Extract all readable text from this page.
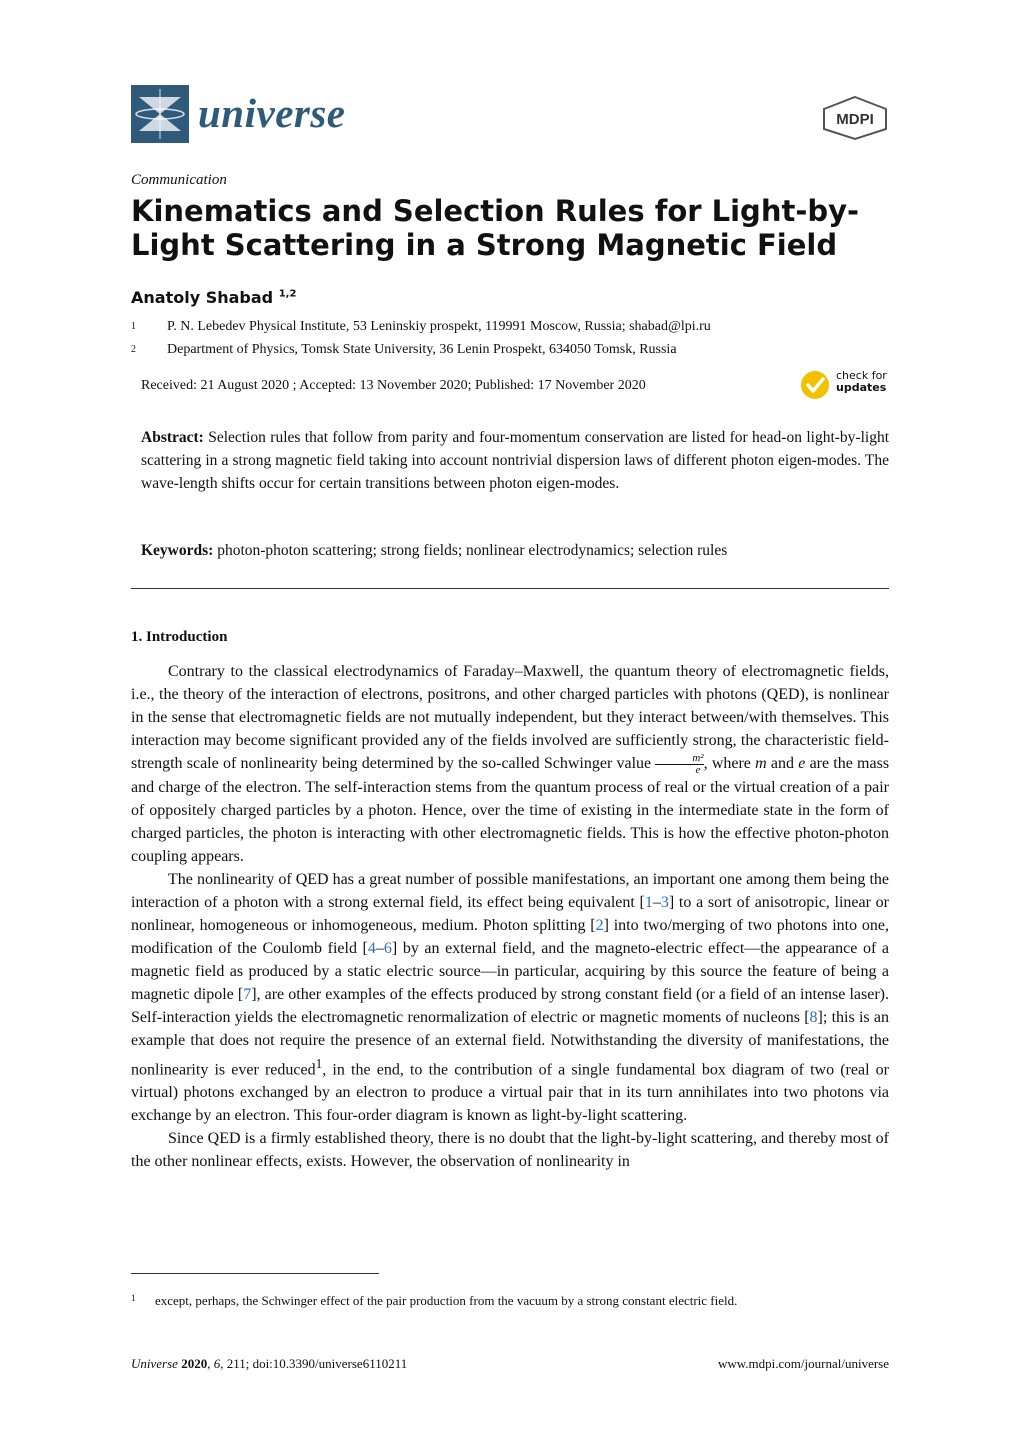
universe	MDPI
Communication
Kinematics and Selection Rules for Light-by-Light Scattering in a Strong Magnetic Field
Anatoly Shabad $^{1,2}$
1 P. N. Lebedev Physical Institute, 53 Leninskiy prospekt, 119991 Moscow, Russia; shabad@lpi.ru
2 Department of Physics, Tomsk State University, 36 Lenin Prospekt, 634050 Tomsk, Russia
Received: 21 August 2020 ; Accepted: 13 November 2020; Published: 17 November 2020
check for
updates
Abstract: Selection rules that follow from parity and four-momentum conservation are listed for head-on light-by-light scattering in a strong magnetic field taking into account nontrivial dispersion laws of different photon eigen-modes. The wave-length shifts occur for certain transitions between photon eigen-modes.
Keywords: photon-photon scattering; strong fields; nonlinear electrodynamics; selection rules
1. Introduction

Contrary to the classical electrodynamics of Faraday–Maxwell, the quantum theory of electromagnetic fields, i.e., the theory of the interaction of electrons, positrons, and other charged particles with photons (QED), is nonlinear in the sense that electromagnetic fields are not mutually independent, but they interact between/with themselves. This interaction may become significant provided any of the fields involved are sufficiently strong, the characteristic field-strength scale of nonlinearity being determined by the so-called Schwinger value $\frac{\text{m²}}{e}$ , where m and e are the mass and charge of the electron. The self-interaction stems from the quantum process of real or the virtual creation of a pair of oppositely charged particles by a photon. Hence, over the time of existing in the intermediate state in the form of charged particles, the photon is interacting with other electromagnetic fields. This is how the effective photon-photon coupling appears.

The nonlinearity of QED has a great number of possible manifestations, an important one among them being the interaction of a photon with a strong external field, its effect being equivalent [1–3] to a sort of anisotropic, linear or nonlinear, homogeneous or inhomogeneous, medium. Photon splitting [2] into two/merging of two photons into one, modification of the Coulomb field [4–6] by an external field, and the magneto-electric effect—the appearance of a magnetic field as produced by a static electric source—in particular, acquiring by this source the feature of being a magnetic dipole [7], are other examples of the effects produced by strong constant field (or a field of an intense laser). Self-interaction yields the electromagnetic renormalization of electric or magnetic moments of nucleons [8]; this is an example that does not require the presence of an external field. Notwithstanding the diversity of manifestations, the nonlinearity is ever reduced$^1$, in the end, to the contribution of a single fundamental box diagram of two (real or virtual) photons exchanged by an electron to produce a virtual pair that in its turn annihilates into two photons via exchange by an electron. This four-order diagram is known as light-by-light scattering.

Since QED is a firmly established theory, there is no doubt that the light-by-light scattering, and thereby most of the other nonlinear effects, exists. However, the observation of nonlinearity in

1 except, perhaps, the Schwinger effect of the pair production from the vacuum by a strong constant electric field.
Universe 2020, 6, 211; doi:10.3390/universe6110211	www.mdpi.com/journal/universe
